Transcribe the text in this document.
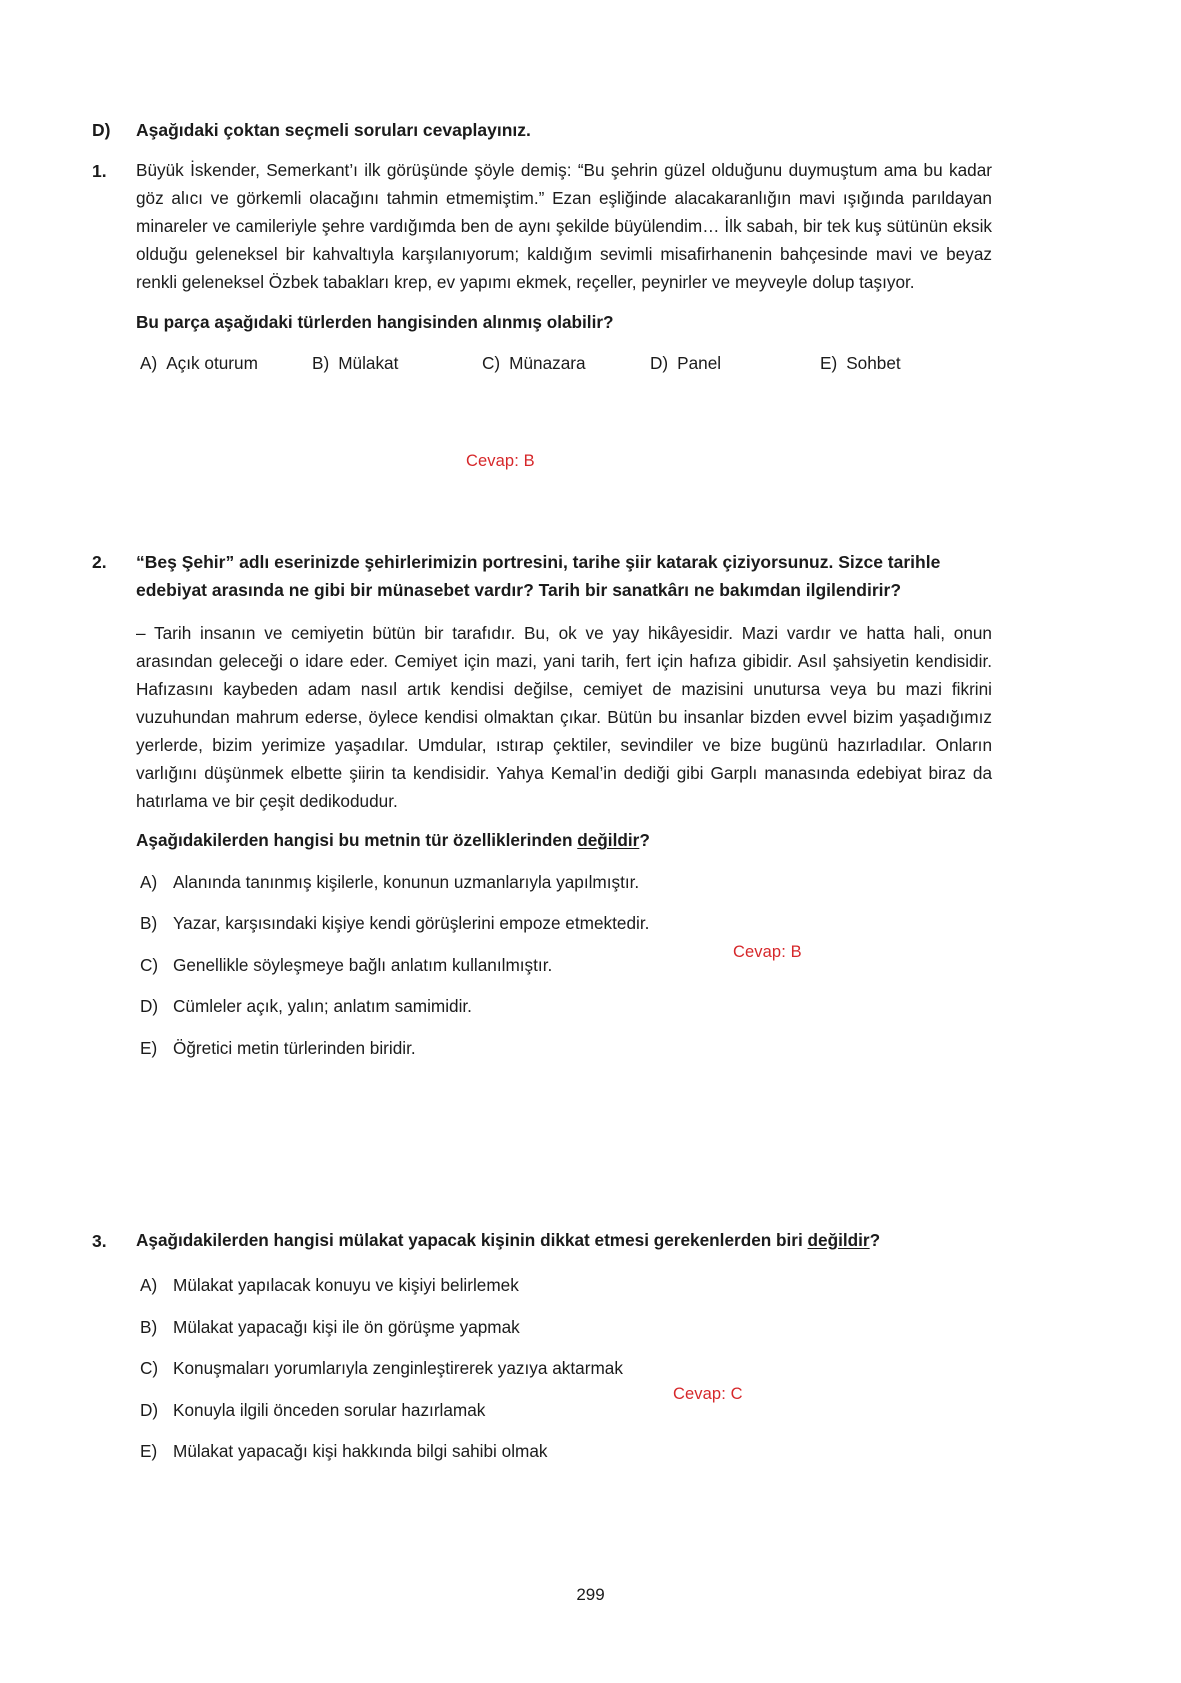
D)	Aşağıdaki çoktan seçmeli soruları cevaplayınız.
1.	Büyük İskender, Semerkant’ı ilk görüşünde şöyle demiş: “Bu şehrin güzel olduğunu duymuştum ama bu kadar göz alıcı ve görkemli olacağını tahmin etmemiştim.” Ezan eşliğinde alacakaranlığın mavi ışığında parıldayan minareler ve camileriyle şehre vardığımda ben de aynı şekilde büyülendim… İlk sabah, bir tek kuş sütünün eksik olduğu geleneksel bir kahvaltıyla karşılanıyorum; kaldığım sevimli misafirhanenin bahçesinde mavi ve beyaz renkli geleneksel Özbek tabakları krep, ev yapımı ekmek, reçeller, peynirler ve meyveyle dolup taşıyor.

Bu parça aşağıdaki türlerden hangisinden alınmış olabilir?

A) Açık oturum	B) Mülakat	C) Münazara	D) Panel	E) Sohbet
2.	“Beş Şehir” adlı eserinizde şehirlerimizin portresini, tarihe şiir katarak çiziyorsunuz. Sizce tarihle edebiyat arasında ne gibi bir münasebet vardır? Tarih bir sanatkârı ne bakımdan ilgilendirir?

– Tarih insanın ve cemiyetin bütün bir tarafıdır. Bu, ok ve yay hikâyesidir. Mazi vardır ve hatta hali, onun arasından geleceği o idare eder. Cemiyet için mazi, yani tarih, fert için hafıza gibidir. Asıl şahsiyetin kendisidir. Hafızasını kaybeden adam nasıl artık kendisi değilse, cemiyet de mazisini unutursa veya bu mazi fikrini vuzuhundan mahrum ederse, öylece kendisi olmaktan çıkar. Bütün bu insanlar bizden evvel bizim yaşadığımız yerlerde, bizim yerimize yaşadılar. Umdular, ıstırap çektiler, sevindiler ve bize bugünü hazırladılar. Onların varlığını düşünmek elbette şiirin ta kendisidir. Yahya Kemal’in dediği gibi Garplı manasında edebiyat biraz da hatırlama ve bir çeşit dedikodudur.

Aşağıdakilerden hangisi bu metnin tür özelliklerinden değildir?

A) Alanında tanınmış kişilerle, konunun uzmanlarıyla yapılmıştır.
B) Yazar, karşısındaki kişiye kendi görüşlerini empoze etmektedir.
C) Genellikle söyleşmeye bağlı anlatım kullanılmıştır.
D) Cümleler açık, yalın; anlatım samimidir.
E) Öğretici metin türlerinden biridir.
3.	Aşağıdakilerden hangisi mülakat yapacak kişinin dikkat etmesi gerekenlerden biri değildir?

A) Mülakat yapılacak konuyu ve kişiyi belirlemek
B) Mülakat yapacağı kişi ile ön görüşme yapmak
C) Konuşmaları yorumlarıyla zenginleştirerek yazıya aktarmak
D) Konuyla ilgili önceden sorular hazırlamak
E) Mülakat yapacağı kişi hakkında bilgi sahibi olmak
Cevap: B
Cevap: B
Cevap: C
299
